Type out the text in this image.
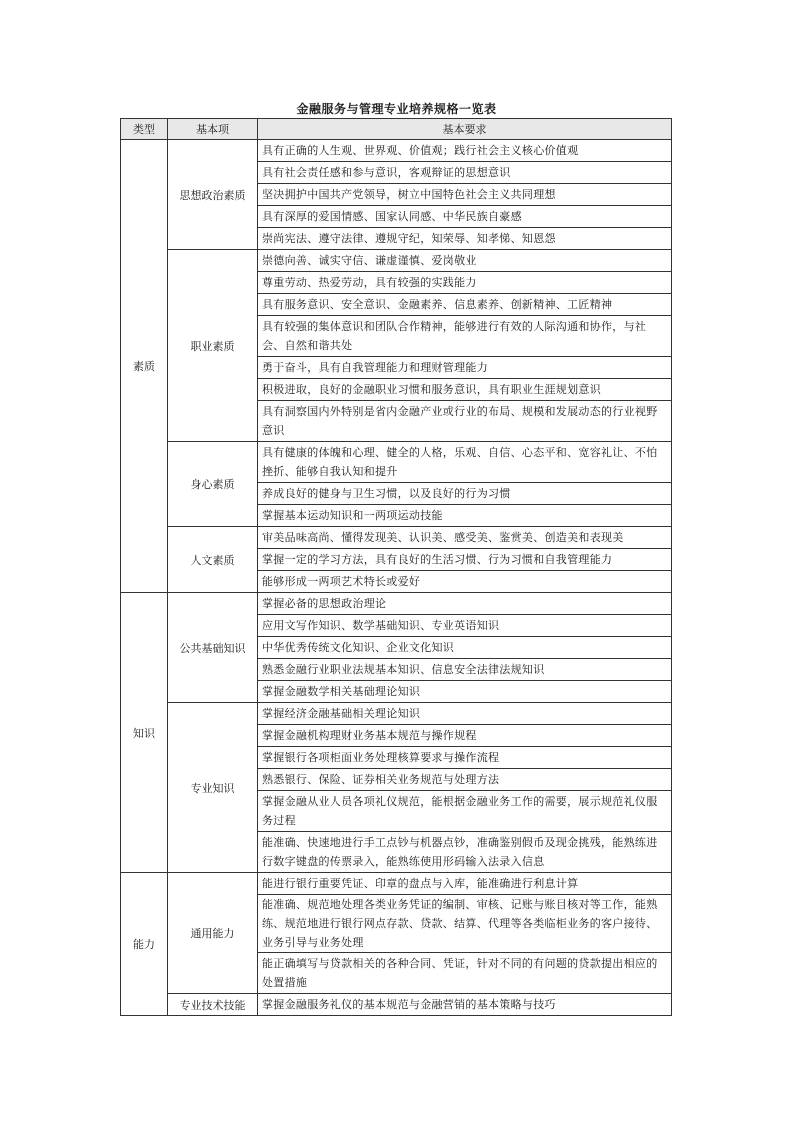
金融服务与管理专业培养规格一览表
类型	基本项	基本要求
素质	思想政治素质	具有正确的人生观、世界观、价值观；践行社会主义核心价值观
		具有社会责任感和参与意识，客观辩证的思想意识
		坚决拥护中国共产党领导，树立中国特色社会主义共同理想
		具有深厚的爱国情感、国家认同感、中华民族自豪感
		崇尚宪法、遵守法律、遵规守纪，知荣辱、知孝悌、知恩怨
	职业素质	崇德向善、诚实守信、谦虚谨慎、爱岗敬业
		尊重劳动、热爱劳动，具有较强的实践能力
		具有服务意识、安全意识、金融素养、信息素养、创新精神、工匠精神
		具有较强的集体意识和团队合作精神，能够进行有效的人际沟通和协作，与社会、自然和谐共处
		勇于奋斗，具有自我管理能力和理财管理能力
		积极进取，良好的金融职业习惯和服务意识，具有职业生涯规划意识
		具有洞察国内外特别是省内金融产业或行业的布局、规模和发展动态的行业视野意识
	身心素质	具有健康的体魄和心理、健全的人格，乐观、自信、心态平和、宽容礼让、不怕挫折、能够自我认知和提升
		养成良好的健身与卫生习惯，以及良好的行为习惯
		掌握基本运动知识和一两项运动技能
	人文素质	审美品味高尚、懂得发现美、认识美、感受美、鉴赏美、创造美和表现美
		掌握一定的学习方法，具有良好的生活习惯、行为习惯和自我管理能力
		能够形成一两项艺术特长或爱好
知识	公共基础知识	掌握必备的思想政治理论
		应用文写作知识、数学基础知识、专业英语知识
		中华优秀传统文化知识、企业文化知识
		熟悉金融行业职业法规基本知识、信息安全法律法规知识
		掌握金融数学相关基础理论知识
	专业知识	掌握经济金融基础相关理论知识
		掌握金融机构理财业务基本规范与操作规程
		掌握银行各项柜面业务处理核算要求与操作流程
		熟悉银行、保险、证券相关业务规范与处理方法
		掌握金融从业人员各项礼仪规范，能根据金融业务工作的需要，展示规范礼仪服务过程
		能准确、快速地进行手工点钞与机器点钞，准确鉴别假币及现金挑残，能熟练进行数字键盘的传票录入，能熟练使用形码输入法录入信息
能力	通用能力	能进行银行重要凭证、印章的盘点与入库，能准确进行利息计算
		能准确、规范地处理各类业务凭证的编制、审核、记账与账目核对等工作，能熟练、规范地进行银行网点存款、贷款、结算、代理等各类临柜业务的客户接待、业务引导与业务处理
		能正确填写与贷款相关的各种合同、凭证，针对不同的有问题的贷款提出相应的处置措施
	专业技术技能	掌握金融服务礼仪的基本规范与金融营销的基本策略与技巧
